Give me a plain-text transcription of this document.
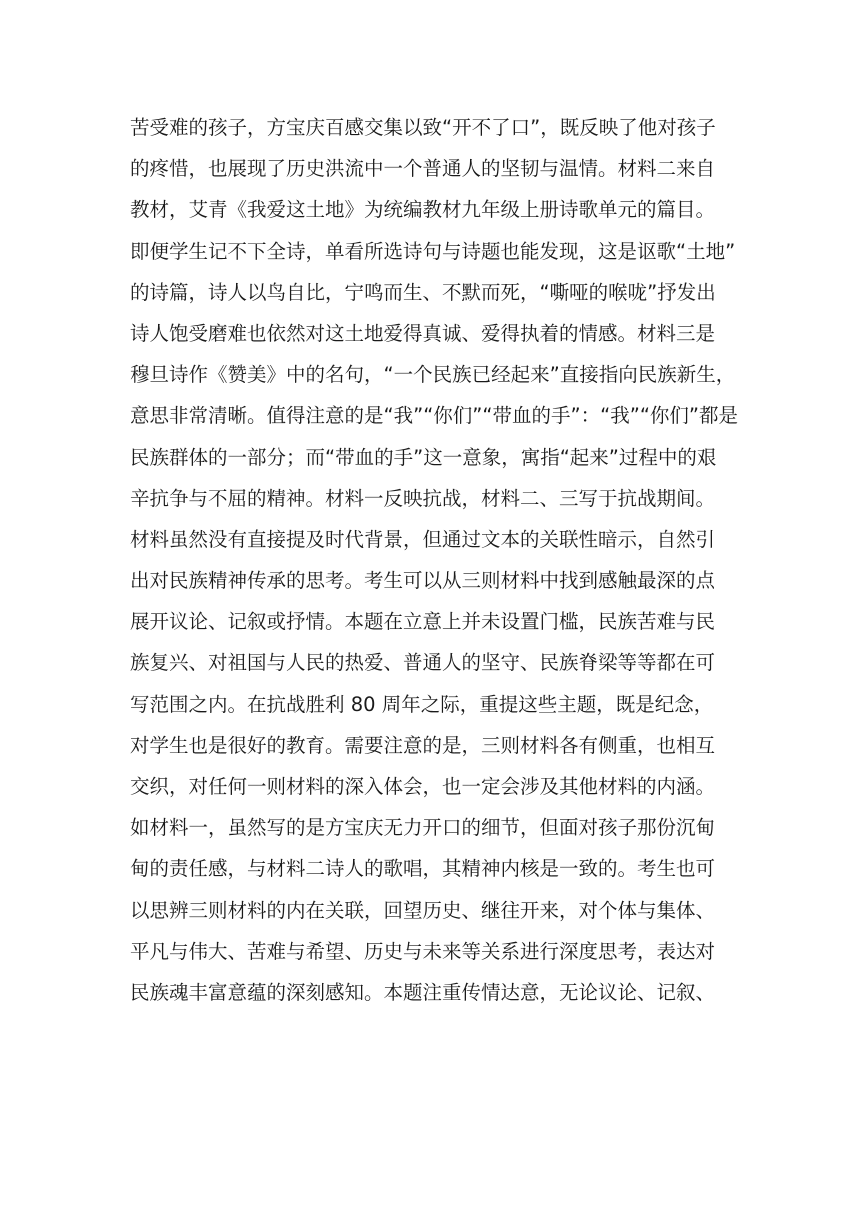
苦受难的孩子，方宝庆百感交集以致“开不了口”，既反映了他对孩子
的疼惜，也展现了历史洪流中一个普通人的坚韧与温情。材料二来自
教材，艾青《我爱这土地》为统编教材九年级上册诗歌单元的篇目。
即便学生记不下全诗，单看所选诗句与诗题也能发现，这是讴歌“土地”
的诗篇，诗人以鸟自比，宁鸣而生、不默而死，“嘶哑的喉咙”抒发出
诗人饱受磨难也依然对这土地爱得真诚、爱得执着的情感。材料三是
穆旦诗作《赞美》中的名句，“一个民族已经起来”直接指向民族新生，
意思非常清晰。值得注意的是“我”“你们”“带血的手”：“我”“你们”都是
民族群体的一部分；而“带血的手”这一意象，寓指“起来”过程中的艰
辛抗争与不屈的精神。材料一反映抗战，材料二、三写于抗战期间。
材料虽然没有直接提及时代背景，但通过文本的关联性暗示，自然引
出对民族精神传承的思考。考生可以从三则材料中找到感触最深的点
展开议论、记叙或抒情。本题在立意上并未设置门槛，民族苦难与民
族复兴、对祖国与人民的热爱、普通人的坚守、民族脊梁等等都在可
写范围之内。在抗战胜利 80 周年之际，重提这些主题，既是纪念，
对学生也是很好的教育。需要注意的是，三则材料各有侧重，也相互
交织，对任何一则材料的深入体会，也一定会涉及其他材料的内涵。
如材料一，虽然写的是方宝庆无力开口的细节，但面对孩子那份沉甸
甸的责任感，与材料二诗人的歌唱，其精神内核是一致的。考生也可
以思辨三则材料的内在关联，回望历史、继往开来，对个体与集体、
平凡与伟大、苦难与希望、历史与未来等关系进行深度思考，表达对
民族魂丰富意蕴的深刻感知。本题注重传情达意，无论议论、记叙、
